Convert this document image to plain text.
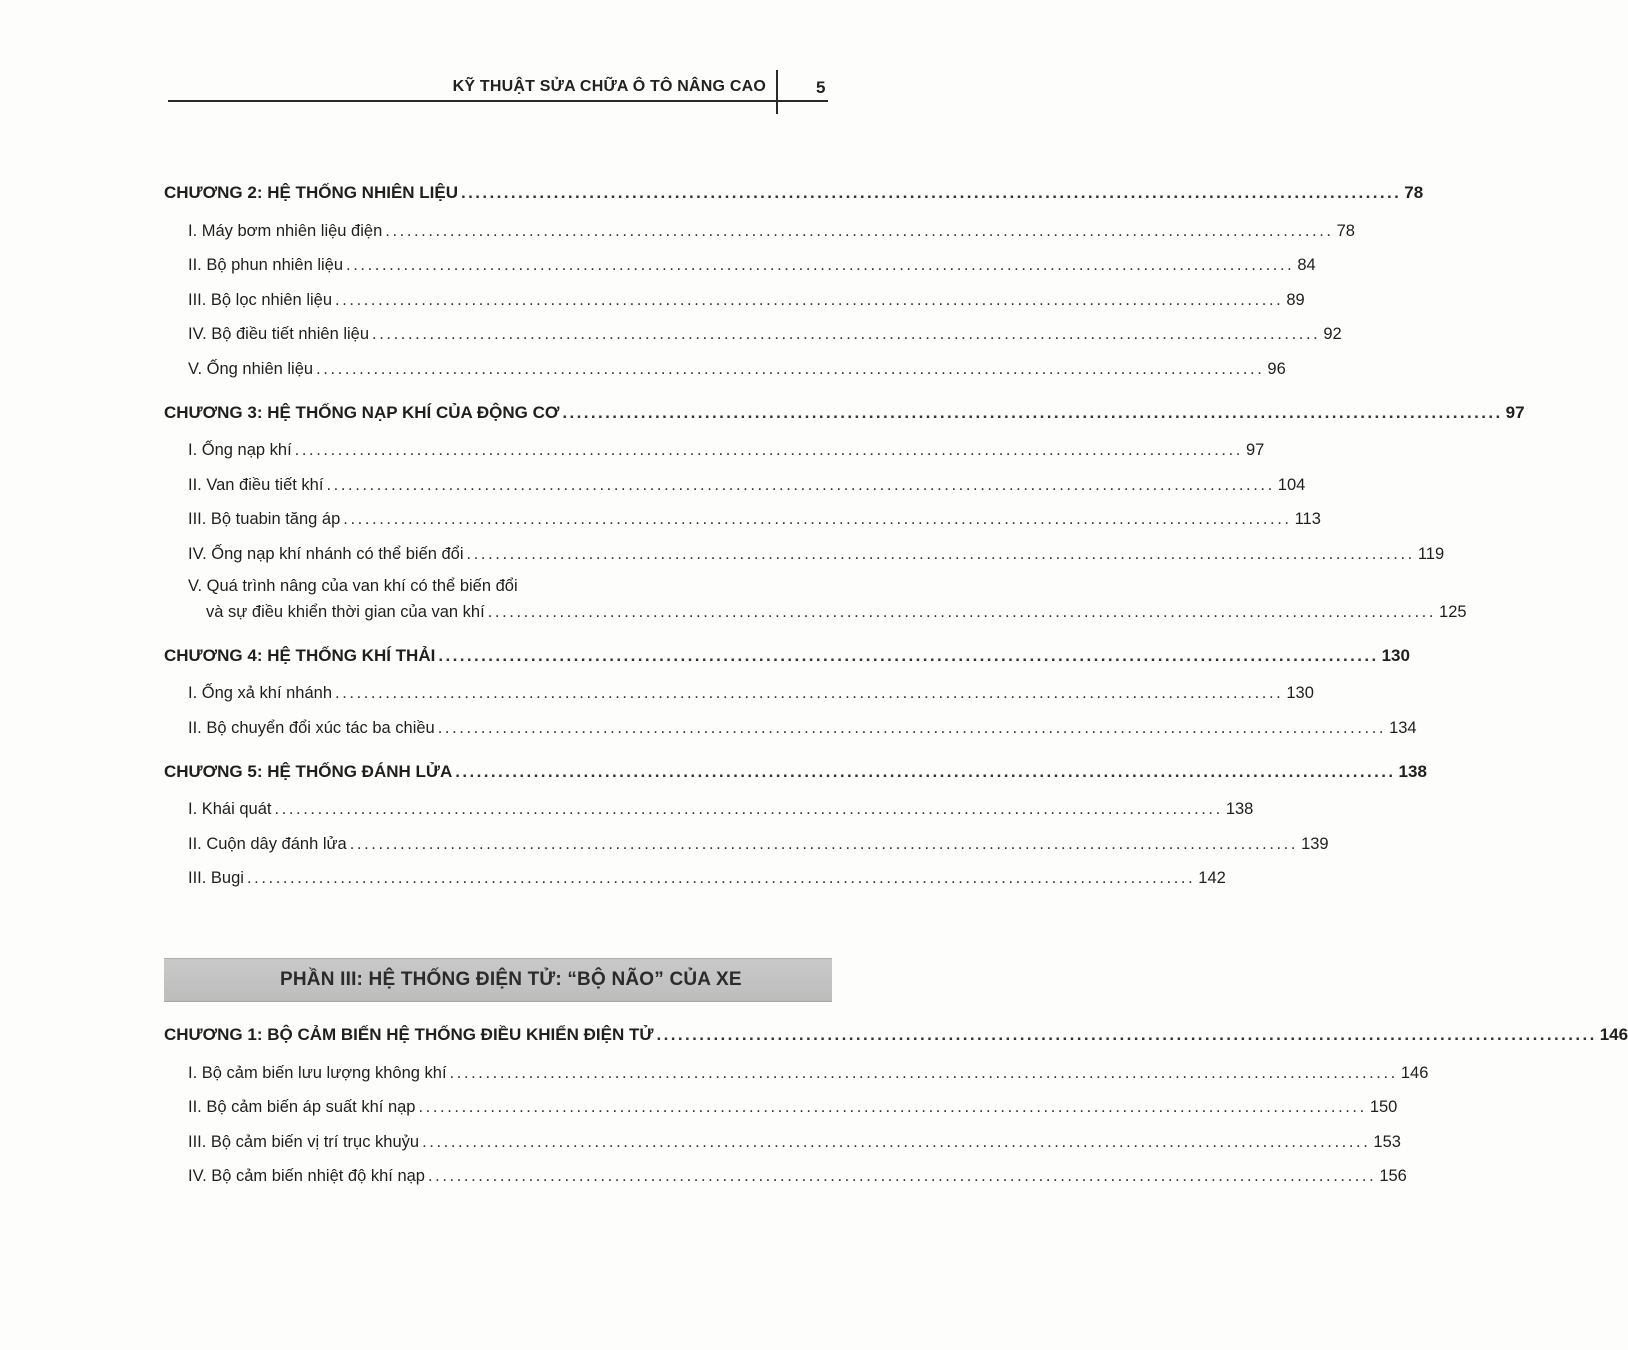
KỸ THUẬT SỬA CHỮA Ô TÔ NÂNG CAO	5
CHƯƠNG 2: HỆ THỐNG NHIÊN LIỆU .................................................................................................................................... 78
I. Máy bơm nhiên liệu điện .................................................................................................................................... 78
II. Bộ phun nhiên liệu .................................................................................................................................... 84
III. Bộ lọc nhiên liệu .................................................................................................................................... 89
IV. Bộ điều tiết nhiên liệu .................................................................................................................................... 92
V. Ống nhiên liệu .................................................................................................................................... 96
CHƯƠNG 3: HỆ THỐNG NẠP KHÍ CỦA ĐỘNG CƠ .................................................................................................................................... 97
I. Ống nạp khí .................................................................................................................................... 97
II. Van điều tiết khí .................................................................................................................................... 104
III. Bộ tuabin tăng áp .................................................................................................................................... 113
IV. Ống nạp khí nhánh có thể biến đổi .................................................................................................................................... 119
V. Quá trình nâng của van khí có thể biến đổi
và sự điều khiển thời gian của van khí .................................................................................................................................... 125
CHƯƠNG 4: HỆ THỐNG KHÍ THẢI .................................................................................................................................... 130
I. Ống xả khí nhánh .................................................................................................................................... 130
II. Bộ chuyển đổi xúc tác ba chiều .................................................................................................................................... 134
CHƯƠNG 5: HỆ THỐNG ĐÁNH LỬA .................................................................................................................................... 138
I. Khái quát .................................................................................................................................... 138
II. Cuộn dây đánh lửa .................................................................................................................................... 139
III. Bugi .................................................................................................................................... 142
PHẦN III: HỆ THỐNG ĐIỆN TỬ: “BỘ NÃO” CỦA XE
CHƯƠNG 1: BỘ CẢM BIẾN HỆ THỐNG ĐIỀU KHIỂN ĐIỆN TỬ .................................................................................................................................... 146
I. Bộ cảm biến lưu lượng không khí .................................................................................................................................... 146
II. Bộ cảm biến áp suất khí nạp .................................................................................................................................... 150
III. Bộ cảm biến vị trí trục khuỷu .................................................................................................................................... 153
IV. Bộ cảm biến nhiệt độ khí nạp .................................................................................................................................... 156
